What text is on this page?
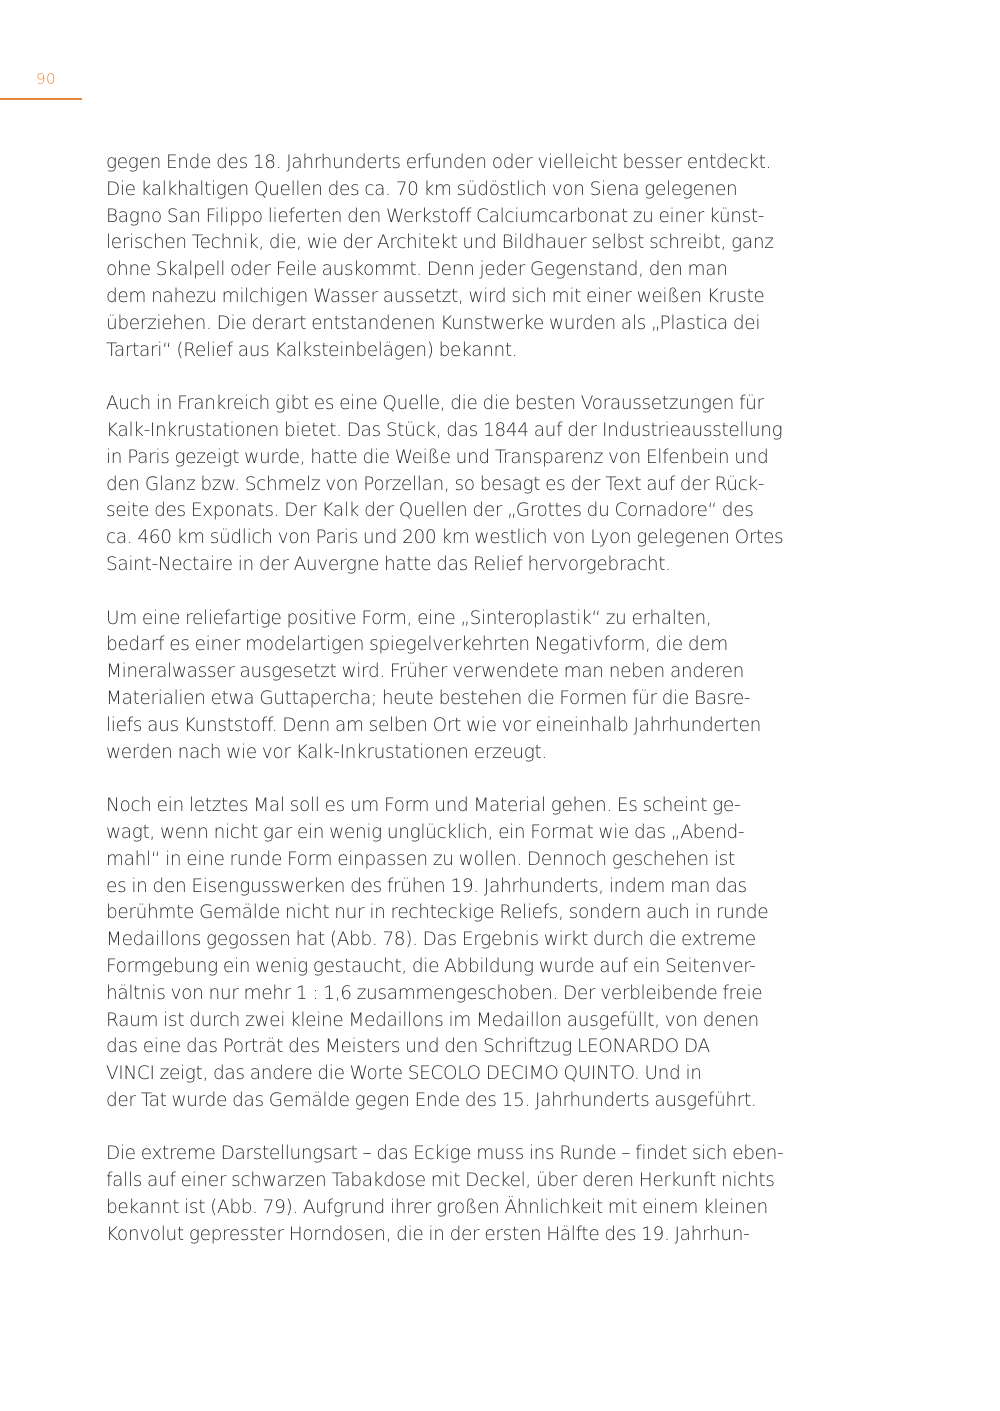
90
gegen Ende des 18. Jahrhunderts erfunden oder vielleicht besser entdeckt.
Die kalkhaltigen Quellen des ca. 70 km südöstlich von Siena gelegenen
Bagno San Filippo lieferten den Werkstoff Calciumcarbonat zu einer künst-
lerischen Technik, die, wie der Architekt und Bildhauer selbst schreibt, ganz
ohne Skalpell oder Feile auskommt. Denn jeder Gegenstand, den man
dem nahezu milchigen Wasser aussetzt, wird sich mit einer weißen Kruste
überziehen. Die derart entstandenen Kunstwerke wurden als „Plastica dei
Tartari“ (Relief aus Kalksteinbelägen) bekannt.
Auch in Frankreich gibt es eine Quelle, die die besten Voraussetzungen für
Kalk-Inkrustationen bietet. Das Stück, das 1844 auf der Industrieausstellung
in Paris gezeigt wurde, hatte die Weiße und Transparenz von Elfenbein und
den Glanz bzw. Schmelz von Porzellan, so besagt es der Text auf der Rück-
seite des Exponats. Der Kalk der Quellen der „Grottes du Cornadore“ des
ca. 460 km südlich von Paris und 200 km westlich von Lyon gelegenen Ortes
Saint-Nectaire in der Auvergne hatte das Relief hervorgebracht.
Um eine reliefartige positive Form, eine „Sinteroplastik“ zu erhalten,
bedarf es einer modelartigen spiegelverkehrten Negativform, die dem
Mineralwasser ausgesetzt wird. Früher verwendete man neben anderen
Materialien etwa Guttapercha; heute bestehen die Formen für die Basre-
liefs aus Kunststoff. Denn am selben Ort wie vor eineinhalb Jahrhunderten
werden nach wie vor Kalk-Inkrustationen erzeugt.
Noch ein letztes Mal soll es um Form und Material gehen. Es scheint ge-
wagt, wenn nicht gar ein wenig unglücklich, ein Format wie das „Abend-
mahl“ in eine runde Form einpassen zu wollen. Dennoch geschehen ist
es in den Eisengusswerken des frühen 19. Jahrhunderts, indem man das
berühmte Gemälde nicht nur in rechteckige Reliefs, sondern auch in runde
Medaillons gegossen hat (Abb. 78). Das Ergebnis wirkt durch die extreme
Formgebung ein wenig gestaucht, die Abbildung wurde auf ein Seitenver-
hältnis von nur mehr 1 : 1,6 zusammengeschoben. Der verbleibende freie
Raum ist durch zwei kleine Medaillons im Medaillon ausgefüllt, von denen
das eine das Porträt des Meisters und den Schriftzug LEONARDO DA
VINCI zeigt, das andere die Worte SECOLO DECIMO QUINTO. Und in
der Tat wurde das Gemälde gegen Ende des 15. Jahrhunderts ausgeführt.
Die extreme Darstellungsart – das Eckige muss ins Runde – findet sich eben-
falls auf einer schwarzen Tabakdose mit Deckel, über deren Herkunft nichts
bekannt ist (Abb. 79). Aufgrund ihrer großen Ähnlichkeit mit einem kleinen
Konvolut gepresster Horndosen, die in der ersten Hälfte des 19. Jahrhun-
